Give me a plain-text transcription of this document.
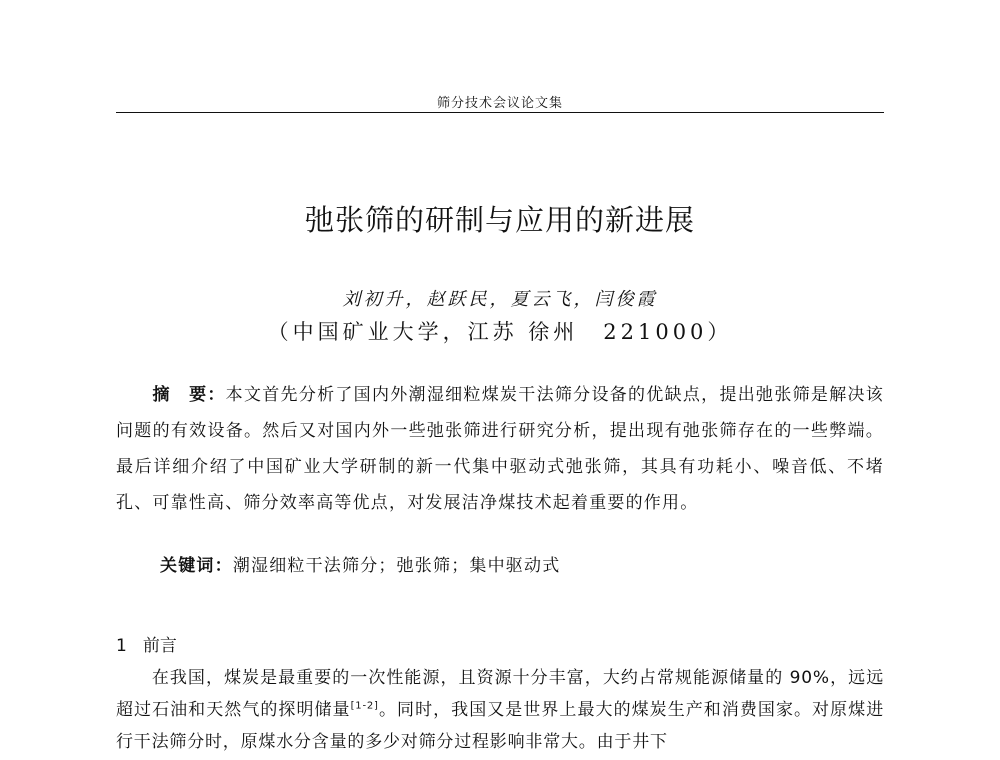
筛分技术会议论文集
弛张筛的研制与应用的新进展
刘初升，赵跃民，夏云飞，闫俊霞
（中国矿业大学，江苏 徐州　221000）

  摘　要：本文首先分析了国内外潮湿细粒煤炭干法筛分设备的优缺点，提出弛张筛是解决该问题的有效设备。然后又对国内外一些弛张筛进行研究分析，提出现有弛张筛存在的一些弊端。最后详细介绍了中国矿业大学研制的新一代集中驱动式弛张筛，其具有功耗小、噪音低、不堵孔、可靠性高、筛分效率高等优点，对发展洁净煤技术起着重要的作用。

关键词：潮湿细粒干法筛分；弛张筛；集中驱动式

1 前言

  在我国，煤炭是最重要的一次性能源，且资源十分丰富，大约占常规能源储量的 90%，远远超过石油和天然气的探明储量[1-2]。同时，我国又是世界上最大的煤炭生产和消费国家。对原煤进行干法筛分时，原煤水分含量的多少对筛分过程影响非常大。由于井下
